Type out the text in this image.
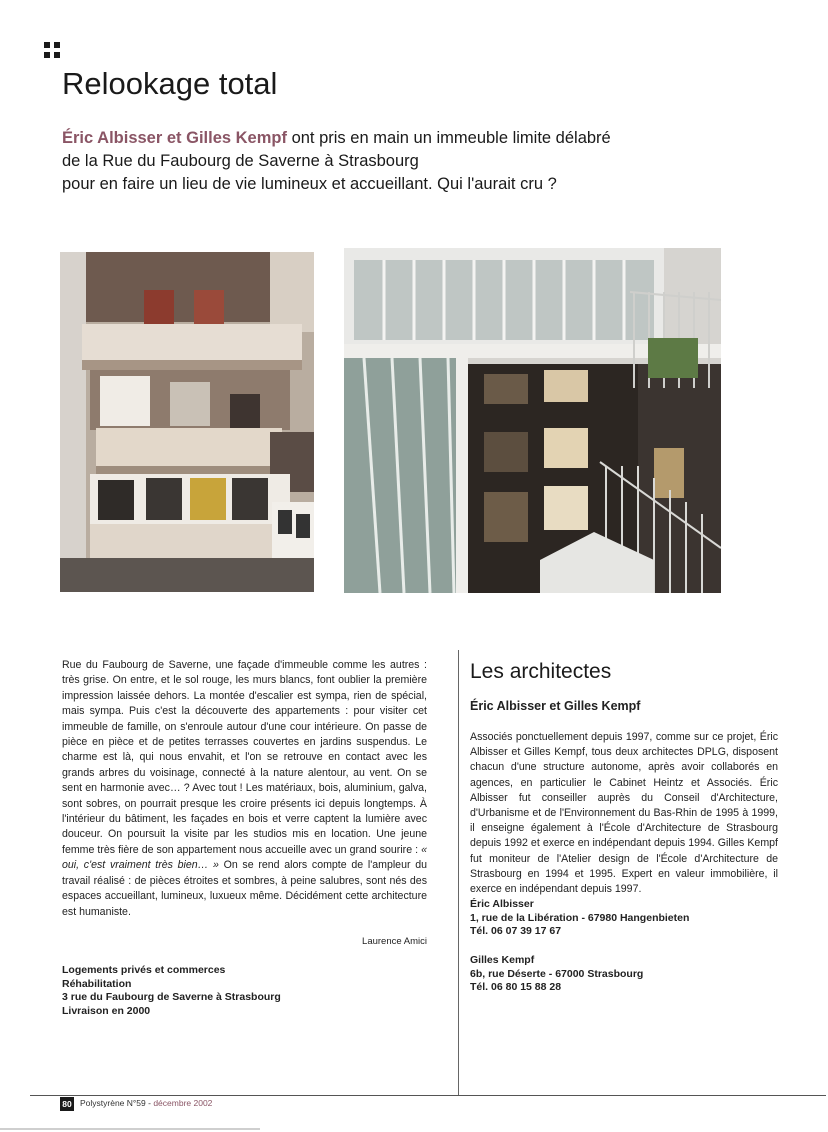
Relookage total

Éric Albisser et Gilles Kempf ont pris en main un immeuble limite délabré
de la Rue du Faubourg de Saverne à Strasbourg
pour en faire un lieu de vie lumineux et accueillant. Qui l'aurait cru ?

Rue du Faubourg de Saverne, une façade d'immeuble comme les autres : très grise. On entre, et le sol rouge, les murs blancs, font oublier la première impression laissée dehors. La montée d'escalier est sympa, rien de spécial, mais sympa. Puis c'est la découverte des appartements : pour visiter cet immeuble de famille, on s'enroule autour d'une cour intérieure. On passe de pièce en pièce et de petites terrasses couvertes en jardins suspendus. Le charme est là, qui nous envahit, et l'on se retrouve en contact avec les grands arbres du voisinage, connecté à la nature alentour, au vent. On se sent en harmonie avec… ? Avec tout ! Les matériaux, bois, aluminium, galva, sont sobres, on pourrait presque les croire présents ici depuis longtemps. À l'intérieur du bâtiment, les façades en bois et verre captent la lumière avec douceur. On poursuit la visite par les studios mis en location. Une jeune femme très fière de son appartement nous accueille avec un grand sourire : « oui, c'est vraiment très bien… » On se rend alors compte de l'ampleur du travail réalisé : de pièces étroites et sombres, à peine salubres, sont nés des espaces accueillant, lumineux, luxueux même. Décidément cette architecture est humaniste.

Laurence Amici
Logements privés et commerces
Réhabilitation
3 rue du Faubourg de Saverne à Strasbourg
Livraison en 2000
Les architectes
Éric Albisser et Gilles Kempf

Associés ponctuellement depuis 1997, comme sur ce projet, Éric Albisser et Gilles Kempf, tous deux architectes DPLG, disposent chacun d'une structure autonome, après avoir collaborés en agences, en particulier le Cabinet Heintz et Associés. Éric Albisser fut conseiller auprès du Conseil d'Architecture, d'Urbanisme et de l'Environnement du Bas-Rhin de 1995 à 1999, il enseigne également à l'École d'Architecture de Strasbourg depuis 1992 et exerce en indépendant depuis 1994. Gilles Kempf fut moniteur de l'Atelier design de l'École d'Architecture de Strasbourg en 1994 et 1995. Expert en valeur immobilière, il exerce en indépendant depuis 1997.

Éric Albisser
1, rue de la Libération - 67980 Hangenbieten
Tél. 06 07 39 17 67
Gilles Kempf
6b, rue Déserte - 67000 Strasbourg
Tél. 06 80 15 88 28
80 Polystyrène N°59 - décembre 2002
